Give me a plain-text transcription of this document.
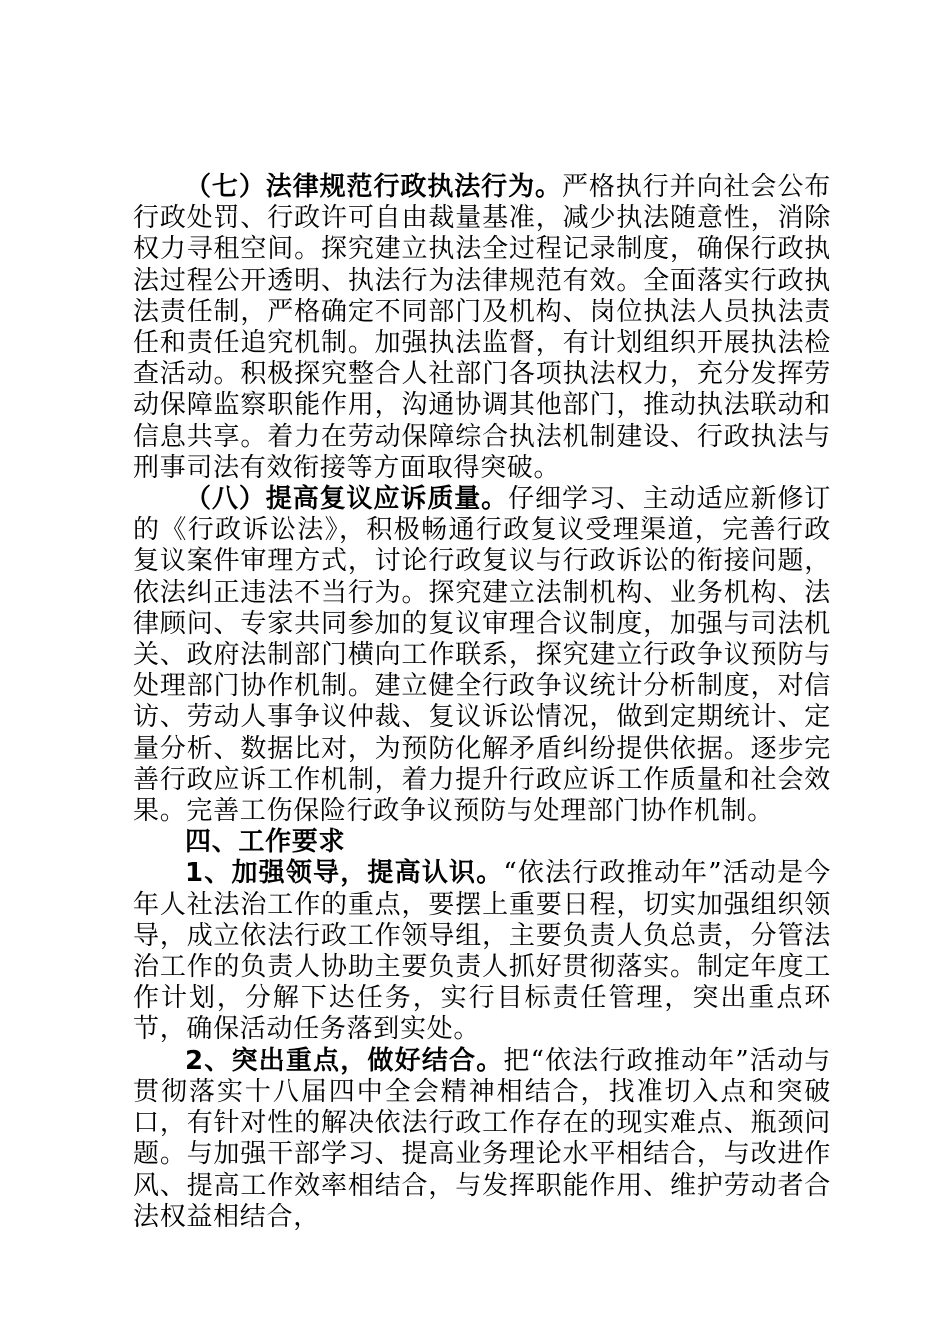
（七）法律规范行政执法行为。严格执行并向社会公布行政处罚、行政许可自由裁量基准，减少执法随意性，消除权力寻租空间。探究建立执法全过程记录制度，确保行政执法过程公开透明、执法行为法律规范有效。全面落实行政执法责任制，严格确定不同部门及机构、岗位执法人员执法责任和责任追究机制。加强执法监督，有计划组织开展执法检查活动。积极探究整合人社部门各项执法权力，充分发挥劳动保障监察职能作用，沟通协调其他部门，推动执法联动和信息共享。着力在劳动保障综合执法机制建设、行政执法与刑事司法有效衔接等方面取得突破。

（八）提高复议应诉质量。仔细学习、主动适应新修订的《行政诉讼法》，积极畅通行政复议受理渠道，完善行政复议案件审理方式，讨论行政复议与行政诉讼的衔接问题，依法纠正违法不当行为。探究建立法制机构、业务机构、法律顾问、专家共同参加的复议审理合议制度，加强与司法机关、政府法制部门横向工作联系，探究建立行政争议预防与处理部门协作机制。建立健全行政争议统计分析制度，对信访、劳动人事争议仲裁、复议诉讼情况，做到定期统计、定量分析、数据比对，为预防化解矛盾纠纷提供依据。逐步完善行政应诉工作机制，着力提升行政应诉工作质量和社会效果。完善工伤保险行政争议预防与处理部门协作机制。

四、工作要求

1、加强领导，提高认识。“依法行政推动年”活动是今年人社法治工作的重点，要摆上重要日程，切实加强组织领导，成立依法行政工作领导组，主要负责人负总责，分管法治工作的负责人协助主要负责人抓好贯彻落实。制定年度工作计划，分解下达任务，实行目标责任管理，突出重点环节，确保活动任务落到实处。

2、突出重点，做好结合。把“依法行政推动年”活动与贯彻落实十八届四中全会精神相结合，找准切入点和突破口，有针对性的解决依法行政工作存在的现实难点、瓶颈问题。与加强干部学习、提高业务理论水平相结合，与改进作风、提高工作效率相结合，与发挥职能作用、维护劳动者合法权益相结合，
